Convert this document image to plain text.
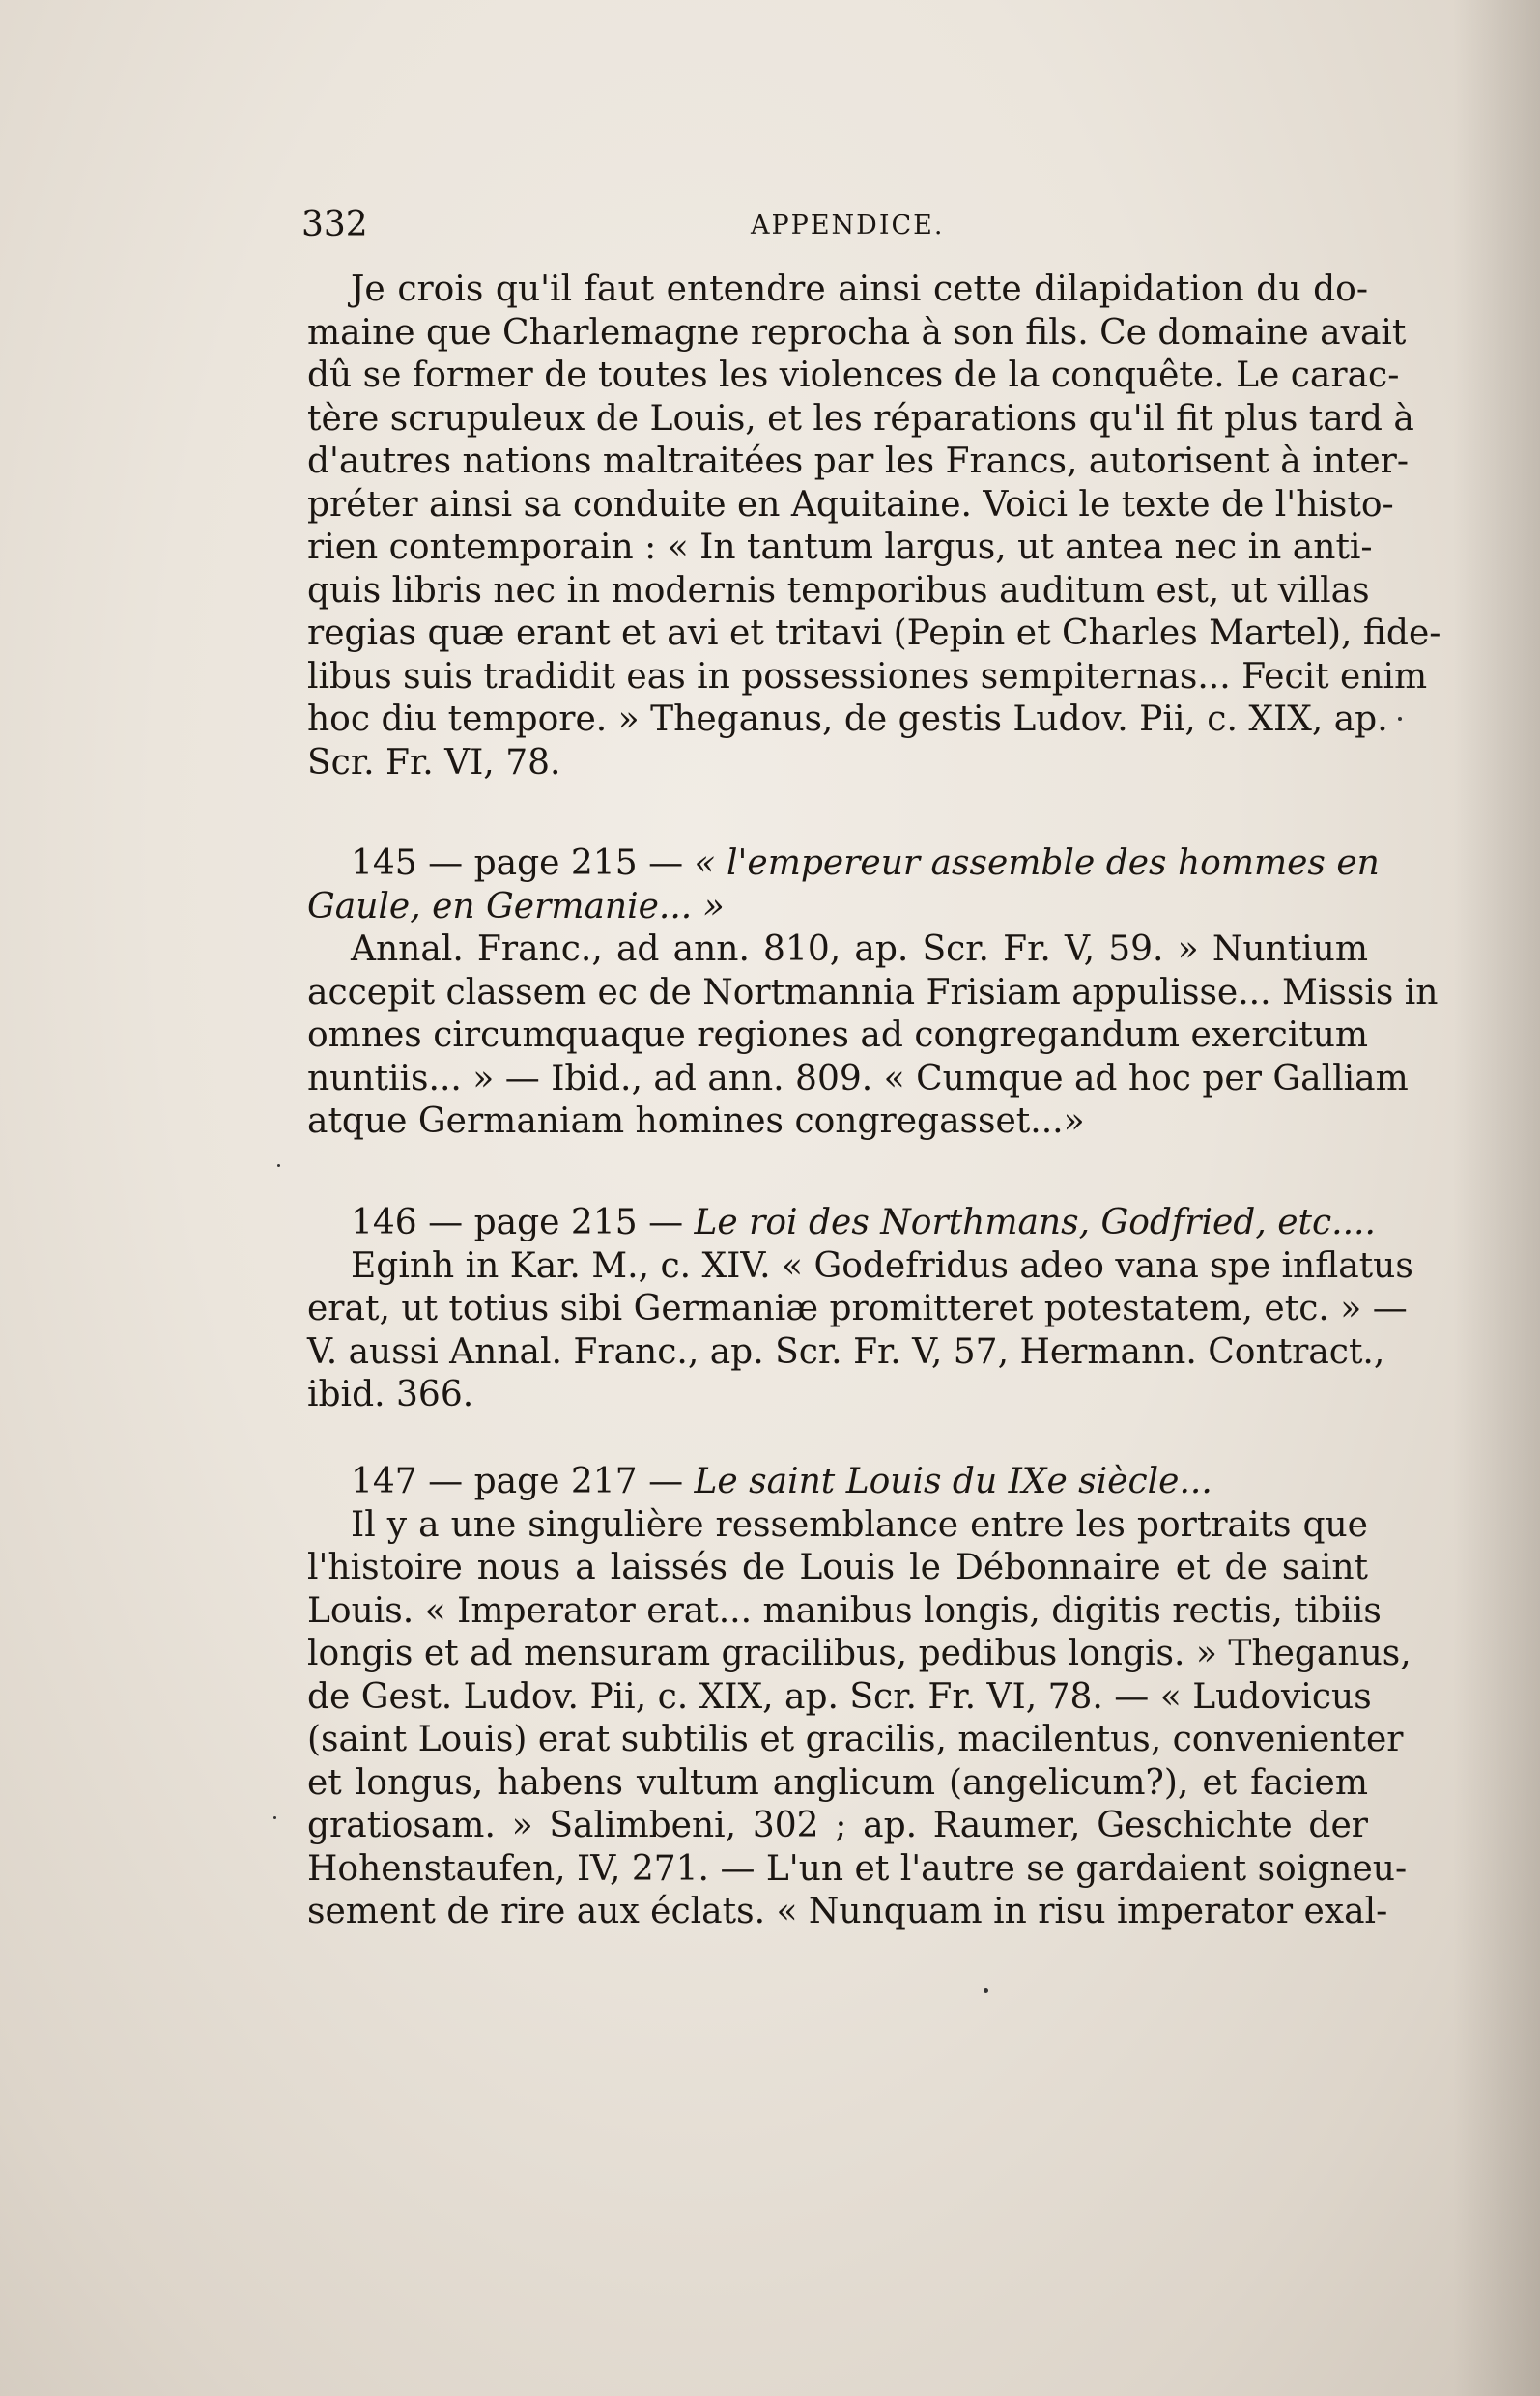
332	APPENDICE.
Je crois qu'il faut entendre ainsi cette dilapidation du do-
maine que Charlemagne reprocha à son fils. Ce domaine avait
dû se former de toutes les violences de la conquête. Le carac-
tère scrupuleux de Louis, et les réparations qu'il fit plus tard à
d'autres nations maltraitées par les Francs, autorisent à inter-
préter ainsi sa conduite en Aquitaine. Voici le texte de l'histo-
rien contemporain : « In tantum largus, ut antea nec in anti-
quis libris nec in modernis temporibus auditum est, ut villas
regias quæ erant et avi et tritavi (Pepin et Charles Martel), fide-
libus suis tradidit eas in possessiones sempiternas... Fecit enim
hoc diu tempore. » Theganus, de gestis Ludov. Pii, c. XIX, ap.
Scr. Fr. VI, 78.
145 — page 215 — « l'empereur assemble des hommes en
Gaule, en Germanie... »
Annal. Franc., ad ann. 810, ap. Scr. Fr. V, 59. » Nuntium
accepit classem ec de Nortmannia Frisiam appulisse... Missis in
omnes circumquaque regiones ad congregandum exercitum
nuntiis... » — Ibid., ad ann. 809. « Cumque ad hoc per Galliam
atque Germaniam homines congregasset...»
146 — page 215 — Le roi des Northmans, Godfried, etc....
Eginh in Kar. M., c. XIV. « Godefridus adeo vana spe inflatus
erat, ut totius sibi Germaniæ promitteret potestatem, etc. » —
V. aussi Annal. Franc., ap. Scr. Fr. V, 57, Hermann. Contract.,
ibid. 366.
147 — page 217 — Le saint Louis du IXe siècle...
Il y a une singulière ressemblance entre les portraits que
l'histoire nous a laissés de Louis le Débonnaire et de saint
Louis. « Imperator erat... manibus longis, digitis rectis, tibiis
longis et ad mensuram gracilibus, pedibus longis. » Theganus,
de Gest. Ludov. Pii, c. XIX, ap. Scr. Fr. VI, 78. — « Ludovicus
(saint Louis) erat subtilis et gracilis, macilentus, convenienter
et longus, habens vultum anglicum (angelicum?), et faciem
gratiosam. » Salimbeni, 302 ; ap. Raumer, Geschichte der
Hohenstaufen, IV, 271. — L'un et l'autre se gardaient soigneu-
sement de rire aux éclats. « Nunquam in risu imperator exal-
